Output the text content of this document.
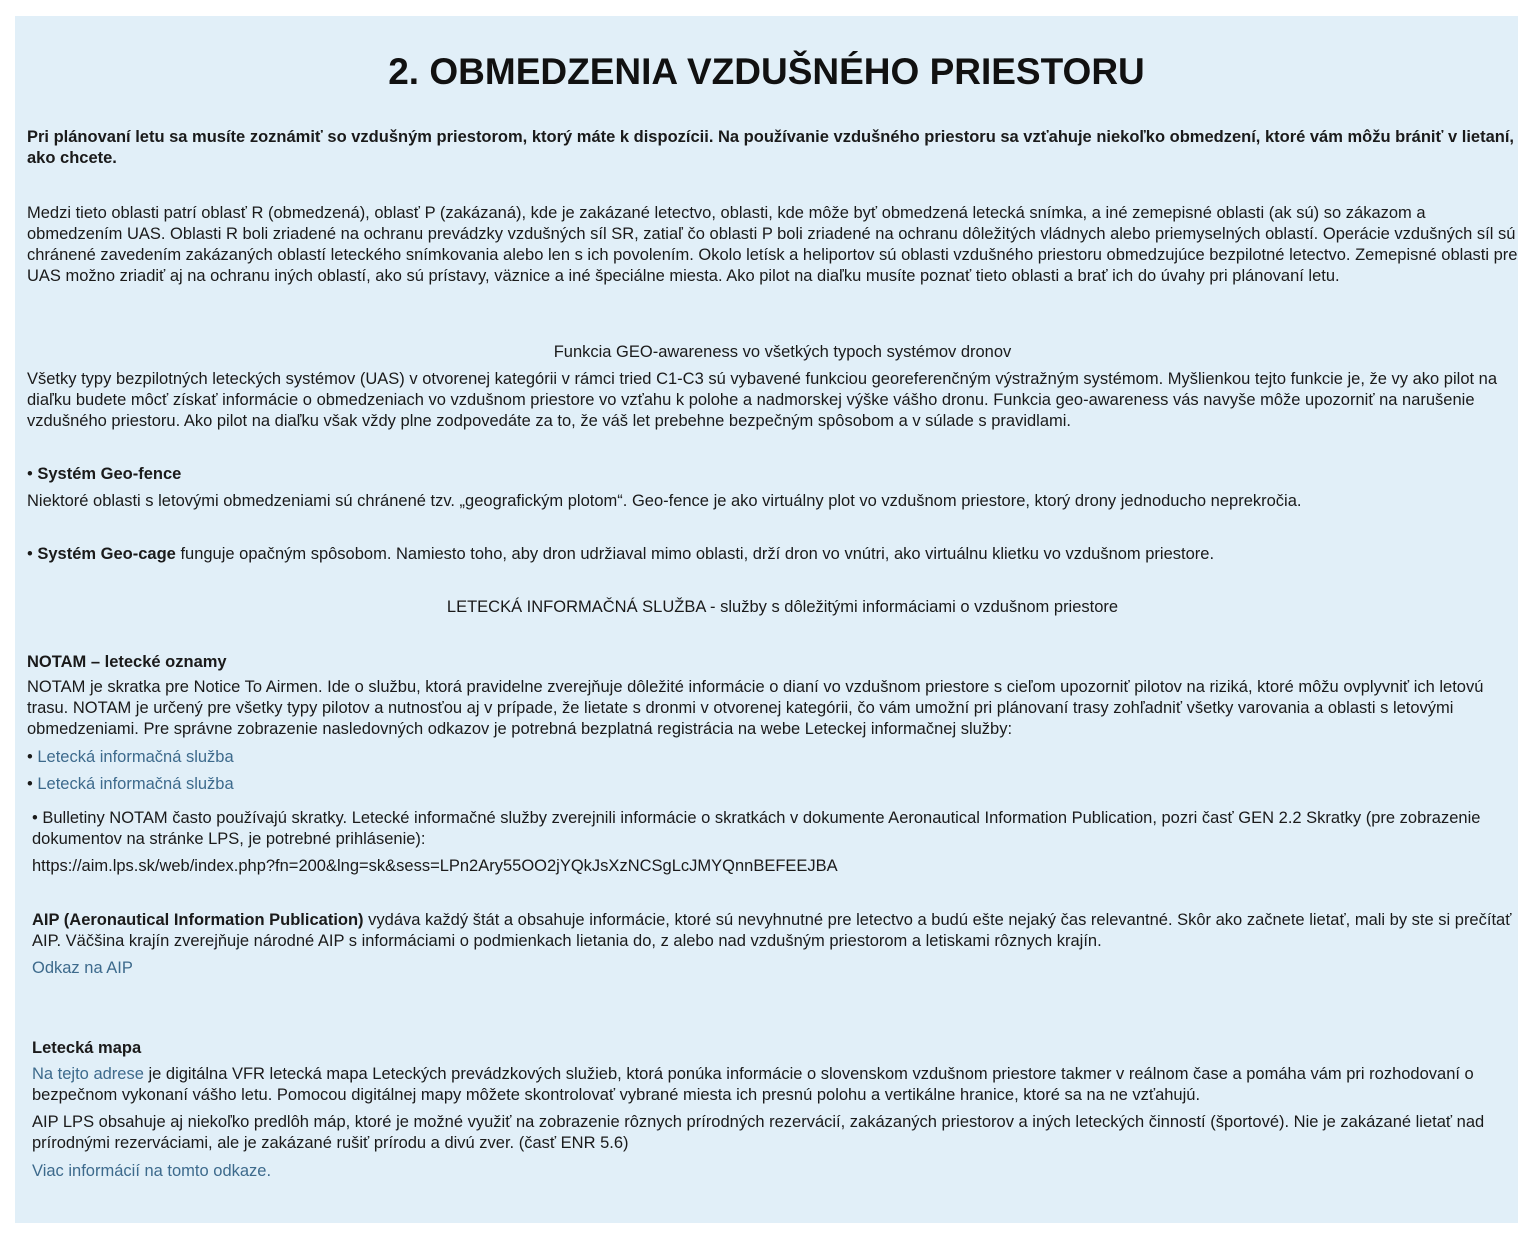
2. OBMEDZENIA VZDUŠNÉHO PRIESTORU

Pri plánovaní letu sa musíte zoznámiť so vzdušným priestorom, ktorý máte k dispozícii. Na používanie vzdušného priestoru sa vzťahuje niekoľko obmedzení, ktoré vám môžu brániť v lietaní, ako chcete.

Medzi tieto oblasti patrí oblasť R (obmedzená), oblasť P (zakázaná), kde je zakázané letectvo, oblasti, kde môže byť obmedzená letecká snímka, a iné zemepisné oblasti (ak sú) so zákazom a obmedzením UAS. Oblasti R boli zriadené na ochranu prevádzky vzdušných síl SR, zatiaľ čo oblasti P boli zriadené na ochranu dôležitých vládnych alebo priemyselných oblastí. Operácie vzdušných síl sú chránené zavedením zakázaných oblastí leteckého snímkovania alebo len s ich povolením. Okolo letísk a heliportov sú oblasti vzdušného priestoru obmedzujúce bezpilotné letectvo. Zemepisné oblasti pre UAS možno zriadiť aj na ochranu iných oblastí, ako sú prístavy, väznice a iné špeciálne miesta. Ako pilot na diaľku musíte poznať tieto oblasti a brať ich do úvahy pri plánovaní letu.

Funkcia GEO-awareness vo všetkých typoch systémov dronov

Všetky typy bezpilotných leteckých systémov (UAS) v otvorenej kategórii v rámci tried C1-C3 sú vybavené funkciou georeferenčným výstražným systémom. Myšlienkou tejto funkcie je, že vy ako pilot na diaľku budete môcť získať informácie o obmedzeniach vo vzdušnom priestore vo vzťahu k polohe a nadmorskej výške vášho dronu. Funkcia geo-awareness vás navyše môže upozorniť na narušenie vzdušného priestoru. Ako pilot na diaľku však vždy plne zodpovedáte za to, že váš let prebehne bezpečným spôsobom a v súlade s pravidlami.

• Systém Geo-fence

Niektoré oblasti s letovými obmedzeniami sú chránené tzv. „geografickým plotom“. Geo-fence je ako virtuálny plot vo vzdušnom priestore, ktorý drony jednoducho neprekročia.

• Systém Geo-cage funguje opačným spôsobom. Namiesto toho, aby dron udržiaval mimo oblasti, drží dron vo vnútri, ako virtuálnu klietku vo vzdušnom priestore.

LETECKÁ INFORMAČNÁ SLUŽBA - služby s dôležitými informáciami o vzdušnom priestore

NOTAM – letecké oznamy

NOTAM je skratka pre Notice To Airmen. Ide o službu, ktorá pravidelne zverejňuje dôležité informácie o dianí vo vzdušnom priestore s cieľom upozorniť pilotov na riziká, ktoré môžu ovplyvniť ich letovú trasu. NOTAM je určený pre všetky typy pilotov a nutnosťou aj v prípade, že lietate s dronmi v otvorenej kategórii, čo vám umožní pri plánovaní trasy zohľadniť všetky varovania a oblasti s letovými obmedzeniami. Pre správne zobrazenie nasledovných odkazov je potrebná bezplatná registrácia na webe Leteckej informačnej služby:

• Letecká informačná služba

• Letecká informačná služba

• Bulletiny NOTAM často používajú skratky. Letecké informačné služby zverejnili informácie o skratkách v dokumente Aeronautical Information Publication, pozri časť GEN 2.2 Skratky (pre zobrazenie dokumentov na stránke LPS, je potrebné prihlásenie):

https://aim.lps.sk/web/index.php?fn=200&lng=sk&sess=LPn2Ary55OO2jYQkJsXzNCSgLcJMYQnnBEFEEJBA

AIP (Aeronautical Information Publication) vydáva každý štát a obsahuje informácie, ktoré sú nevyhnutné pre letectvo a budú ešte nejaký čas relevantné. Skôr ako začnete lietať, mali by ste si prečítať AIP. Väčšina krajín zverejňuje národné AIP s informáciami o podmienkach lietania do, z alebo nad vzdušným priestorom a letiskami rôznych krajín.

Odkaz na AIP

Letecká mapa

Na tejto adrese je digitálna VFR letecká mapa Leteckých prevádzkových služieb, ktorá ponúka informácie o slovenskom vzdušnom priestore takmer v reálnom čase a pomáha vám pri rozhodovaní o bezpečnom vykonaní vášho letu. Pomocou digitálnej mapy môžete skontrolovať vybrané miesta ich presnú polohu a vertikálne hranice, ktoré sa na ne vzťahujú.

AIP LPS obsahuje aj niekoľko predlôh máp, ktoré je možné využiť na zobrazenie rôznych prírodných rezervácií, zakázaných priestorov a iných leteckých činností (športové). Nie je zakázané lietať nad prírodnými rezerváciami, ale je zakázané rušiť prírodu a divú zver. (časť ENR 5.6)

Viac informácií na tomto odkaze.
